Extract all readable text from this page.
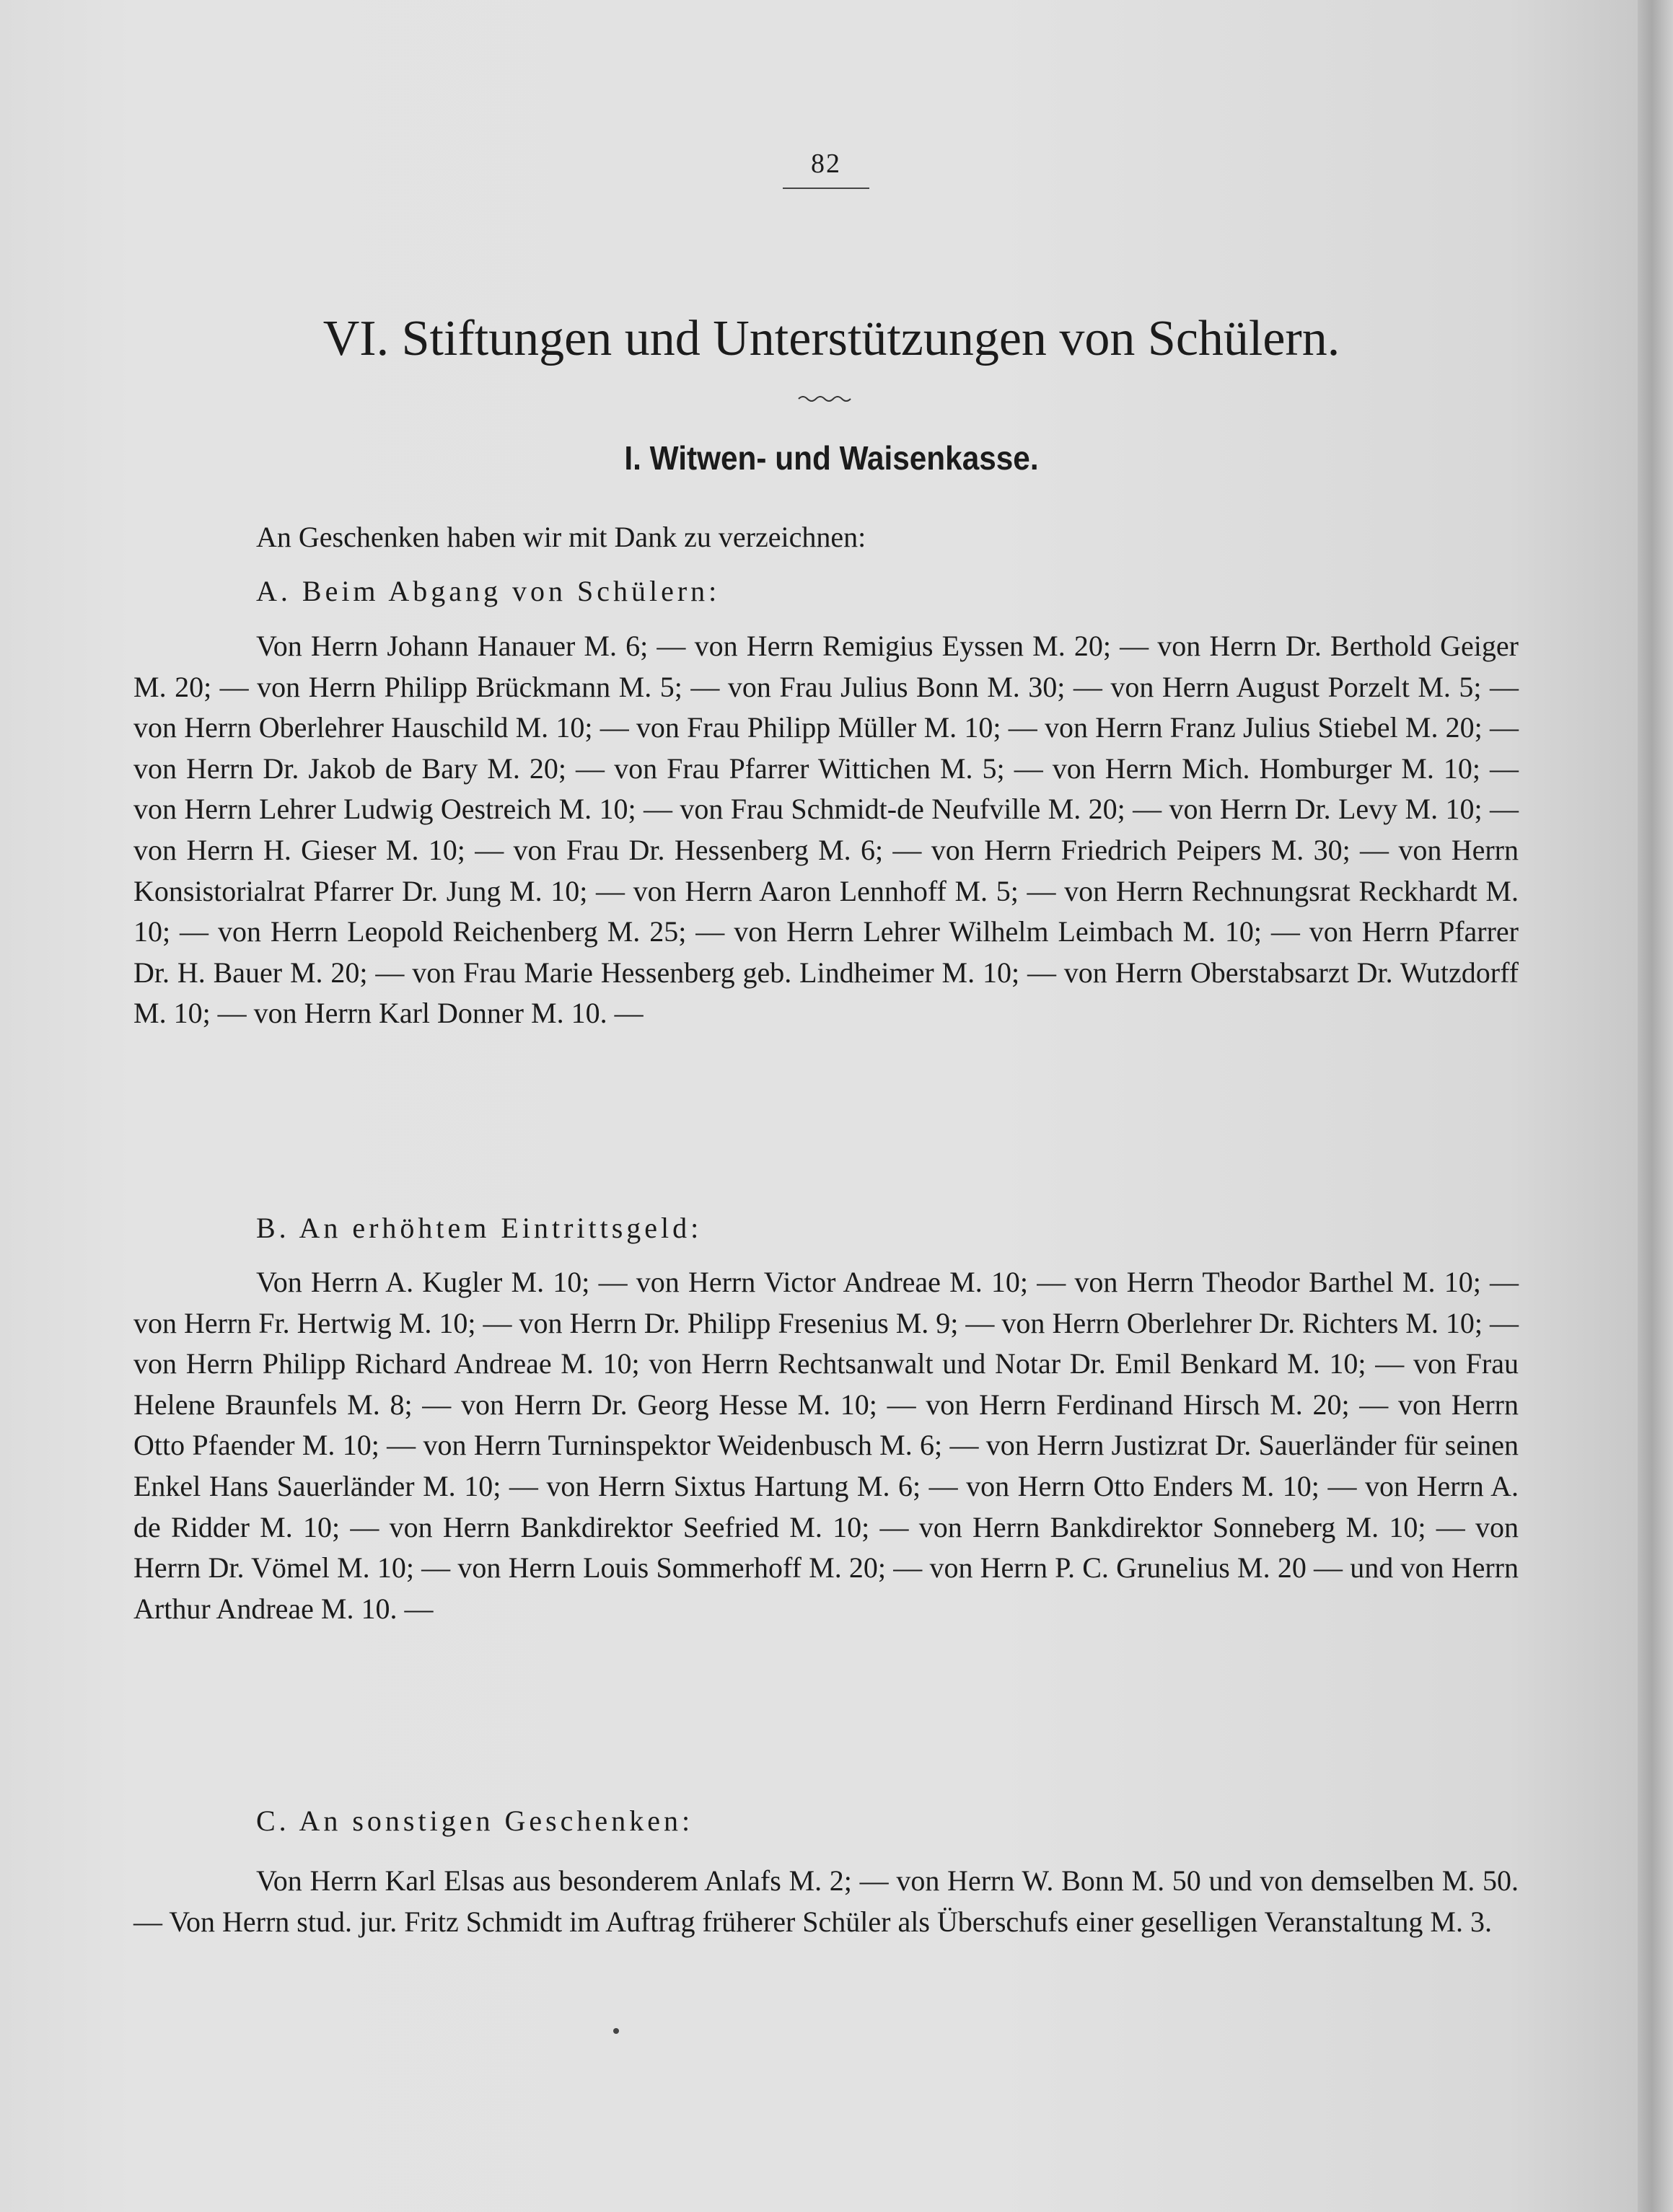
82
VI. Stiftungen und Unterstützungen von Schülern.
I. Witwen- und Waisenkasse.
An Geschenken haben wir mit Dank zu verzeichnen:
A. Beim Abgang von Schülern:
Von Herrn Johann Hanauer M. 6; — von Herrn Remigius Eyssen M. 20; — von Herrn Dr. Berthold Geiger M. 20; — von Herrn Philipp Brückmann M. 5; — von Frau Julius Bonn M. 30; — von Herrn August Porzelt M. 5; — von Herrn Oberlehrer Hauschild M. 10; — von Frau Philipp Müller M. 10; — von Herrn Franz Julius Stiebel M. 20; — von Herrn Dr. Jakob de Bary M. 20; — von Frau Pfarrer Wittichen M. 5; — von Herrn Mich. Homburger M. 10; — von Herrn Lehrer Ludwig Oestreich M. 10; — von Frau Schmidt-de Neufville M. 20; — von Herrn Dr. Levy M. 10; — von Herrn H. Gieser M. 10; — von Frau Dr. Hessenberg M. 6; — von Herrn Friedrich Peipers M. 30; — von Herrn Konsistorialrat Pfarrer Dr. Jung M. 10; — von Herrn Aaron Lennhoff M. 5; — von Herrn Rechnungsrat Reckhardt M. 10; — von Herrn Leopold Reichenberg M. 25; — von Herrn Lehrer Wilhelm Leimbach M. 10; — von Herrn Pfarrer Dr. H. Bauer M. 20; — von Frau Marie Hessenberg geb. Lindheimer M. 10; — von Herrn Oberstabsarzt Dr. Wutzdorff M. 10; — von Herrn Karl Donner M. 10. —
B. An erhöhtem Eintrittsgeld:
Von Herrn A. Kugler M. 10; — von Herrn Victor Andreae M. 10; — von Herrn Theodor Barthel M. 10; — von Herrn Fr. Hertwig M. 10; — von Herrn Dr. Philipp Fresenius M. 9; — von Herrn Oberlehrer Dr. Richters M. 10; — von Herrn Philipp Richard Andreae M. 10; von Herrn Rechtsanwalt und Notar Dr. Emil Benkard M. 10; — von Frau Helene Braunfels M. 8; — von Herrn Dr. Georg Hesse M. 10; — von Herrn Ferdinand Hirsch M. 20; — von Herrn Otto Pfaender M. 10; — von Herrn Turninspektor Weidenbusch M. 6; — von Herrn Justizrat Dr. Sauerländer für seinen Enkel Hans Sauerländer M. 10; — von Herrn Sixtus Hartung M. 6; — von Herrn Otto Enders M. 10; — von Herrn A. de Ridder M. 10; — von Herrn Bankdirektor Seefried M. 10; — von Herrn Bankdirektor Sonneberg M. 10; — von Herrn Dr. Vömel M. 10; — von Herrn Louis Sommerhoff M. 20; — von Herrn P. C. Grunelius M. 20 — und von Herrn Arthur Andreae M. 10. —
C. An sonstigen Geschenken:
Von Herrn Karl Elsas aus besonderem Anlafs M. 2; — von Herrn W. Bonn M. 50 und von demselben M. 50. — Von Herrn stud. jur. Fritz Schmidt im Auftrag früherer Schüler als Überschufs einer geselligen Veranstaltung M. 3.
